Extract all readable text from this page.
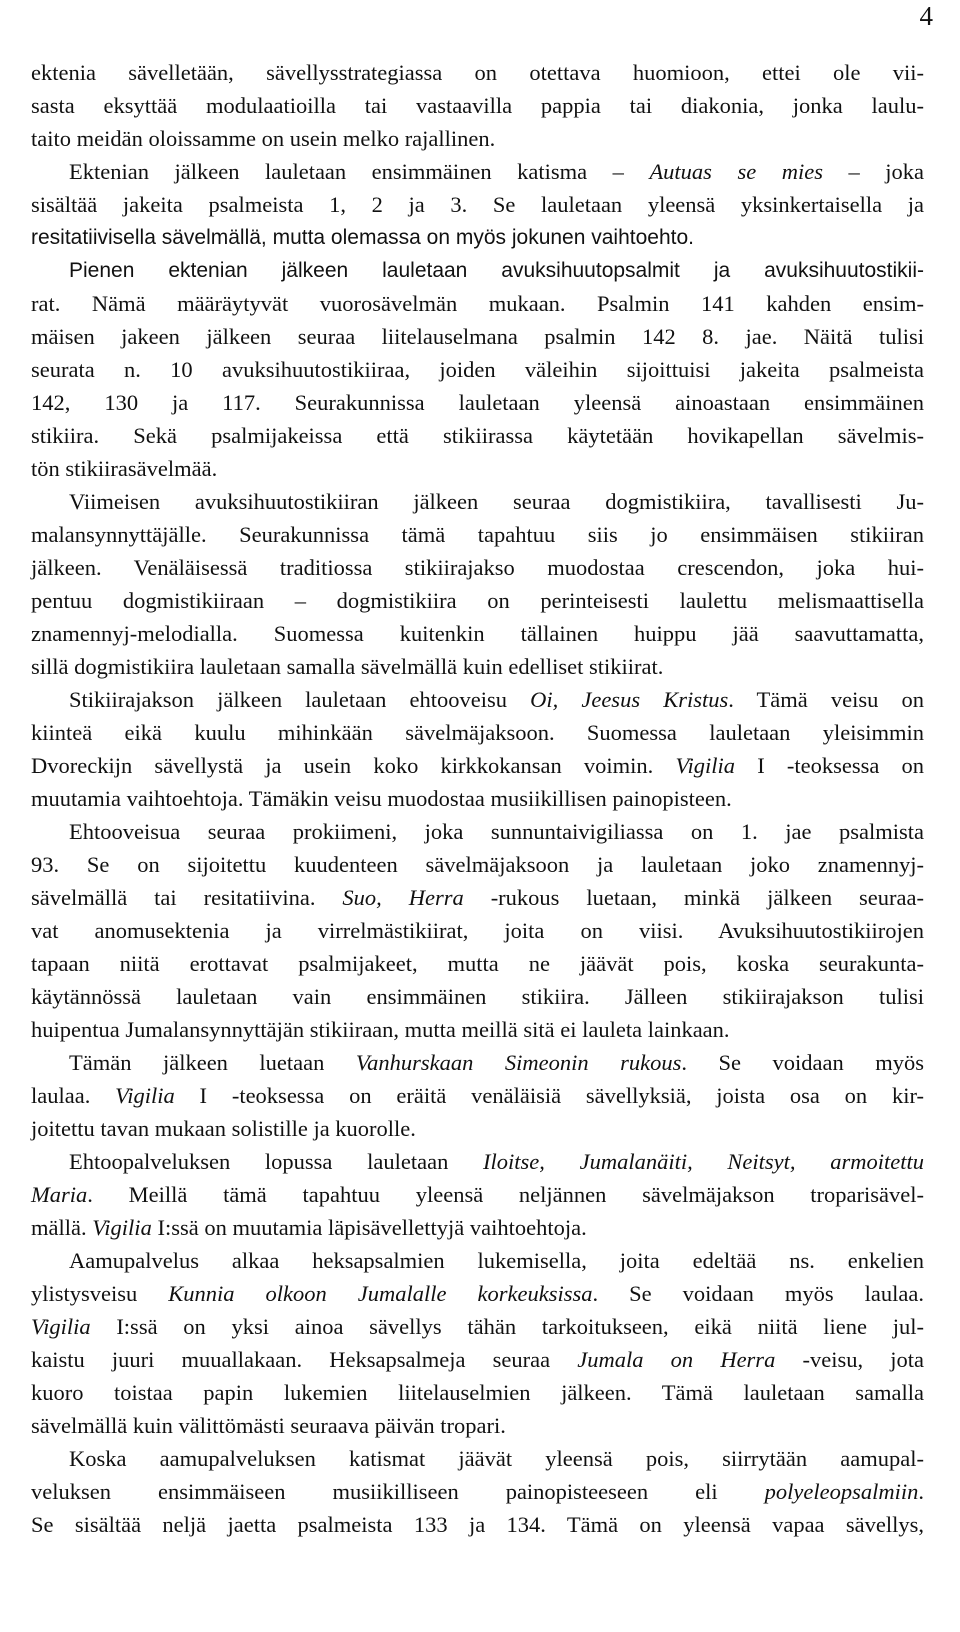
4
ektenia sävelletään, sävellysstrategiassa on otettava huomioon, ettei ole vii-
sasta eksyttää modulaatioilla tai vastaavilla pappia tai diakonia, jonka laulu-
taito meidän oloissamme on usein melko rajallinen.
Ektenian jälkeen lauletaan ensimmäinen katisma – Autuas se mies – joka
sisältää jakeita psalmeista 1, 2 ja 3. Se lauletaan yleensä yksinkertaisella ja
resitatiivisella sävelmällä, mutta olemassa on myös jokunen vaihtoehto.
Pienen ektenian jälkeen lauletaan avuksihuutopsalmit ja avuksihuutostikii-
rat. Nämä määräytyvät vuorosävelmän mukaan. Psalmin 141 kahden ensim-
mäisen jakeen jälkeen seuraa liitelauselmana psalmin 142 8. jae. Näitä tulisi
seurata n. 10 avuksihuutostikiiraa, joiden väleihin sijoittuisi jakeita psalmeista
142, 130 ja 117. Seurakunnissa lauletaan yleensä ainoastaan ensimmäinen
stikiira. Sekä psalmijakeissa että stikiirassa käytetään hovikapellan sävelmis-
tön stikiirasävelmää.
Viimeisen avuksihuutostikiiran jälkeen seuraa dogmistikiira, tavallisesti Ju-
malansynnyttäjälle. Seurakunnissa tämä tapahtuu siis jo ensimmäisen stikiiran
jälkeen. Venäläisessä traditiossa stikiirajakso muodostaa crescendon, joka hui-
pentuu dogmistikiiraan – dogmistikiira on perinteisesti laulettu melismaattisella
znamennyj-melodialla. Suomessa kuitenkin tällainen huippu jää saavuttamatta,
sillä dogmistikiira lauletaan samalla sävelmällä kuin edelliset stikiirat.
Stikiirajakson jälkeen lauletaan ehtooveisu Oi, Jeesus Kristus. Tämä veisu on
kiinteä eikä kuulu mihinkään sävelmäjaksoon. Suomessa lauletaan yleisimmin
Dvoreckijn sävellystä ja usein koko kirkkokansan voimin. Vigilia I -teoksessa on
muutamia vaihtoehtoja. Tämäkin veisu muodostaa musiikillisen painopisteen.
Ehtooveisua seuraa prokiimeni, joka sunnuntaivigiliassa on 1. jae psalmista
93. Se on sijoitettu kuudenteen sävelmäjaksoon ja lauletaan joko znamennyj-
sävelmällä tai resitatiivina. Suo, Herra -rukous luetaan, minkä jälkeen seuraa-
vat anomusektenia ja virrelmästikiirat, joita on viisi. Avuksihuutostikiirojen
tapaan niitä erottavat psalmijakeet, mutta ne jäävät pois, koska seurakunta-
käytännössä lauletaan vain ensimmäinen stikiira. Jälleen stikiirajakson tulisi
huipentua Jumalansynnyttäjän stikiiraan, mutta meillä sitä ei lauleta lainkaan.
Tämän jälkeen luetaan Vanhurskaan Simeonin rukous. Se voidaan myös
laulaa. Vigilia I -teoksessa on eräitä venäläisiä sävellyksiä, joista osa on kir-
joitettu tavan mukaan solistille ja kuorolle.
Ehtoopalveluksen lopussa lauletaan Iloitse, Jumalanäiti, Neitsyt, armoitettu
Maria. Meillä tämä tapahtuu yleensä neljännen sävelmäjakson troparisävel-
mällä. Vigilia I:ssä on muutamia läpisävellettyjä vaihtoehtoja.
Aamupalvelus alkaa heksapsalmien lukemisella, joita edeltää ns. enkelien
ylistysveisu Kunnia olkoon Jumalalle korkeuksissa. Se voidaan myös laulaa.
Vigilia I:ssä on yksi ainoa sävellys tähän tarkoitukseen, eikä niitä liene jul-
kaistu juuri muuallakaan. Heksapsalmeja seuraa Jumala on Herra -veisu, jota
kuoro toistaa papin lukemien liitelauselmien jälkeen. Tämä lauletaan samalla
sävelmällä kuin välittömästi seuraava päivän tropari.
Koska aamupalveluksen katismat jäävät yleensä pois, siirrytään aamupal-
veluksen ensimmäiseen musiikilliseen painopisteeseen eli polyeleopsalmiin.
Se sisältää neljä jaetta psalmeista 133 ja 134. Tämä on yleensä vapaa sävellys,
